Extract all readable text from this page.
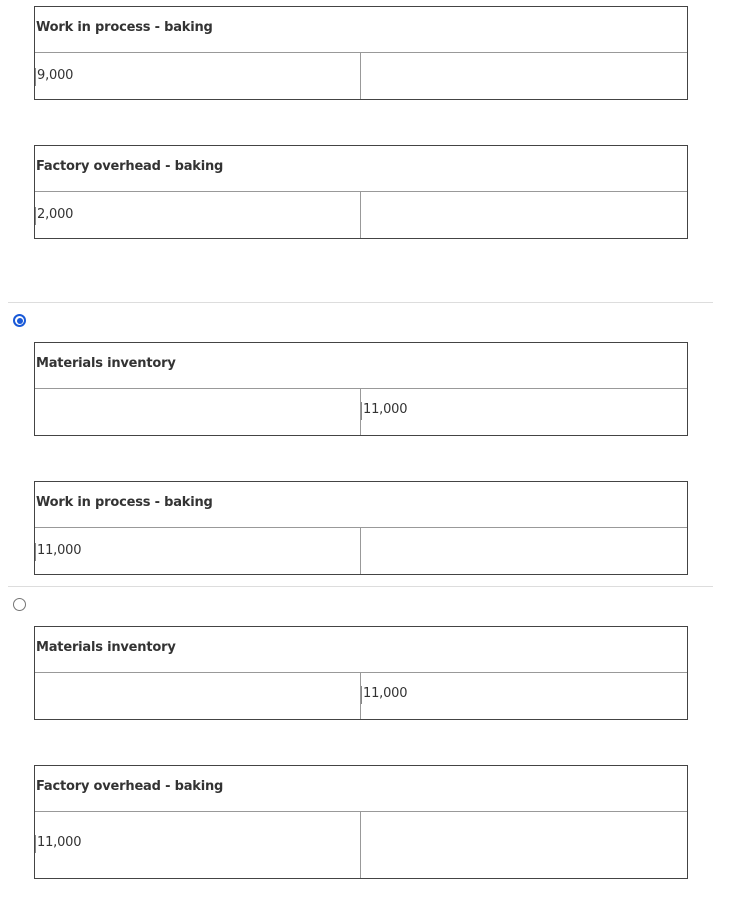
Work in process - baking
9,000
Factory overhead - baking
2,000
Materials inventory
11,000
Work in process - baking
11,000
Materials inventory
11,000
Factory overhead - baking
11,000
